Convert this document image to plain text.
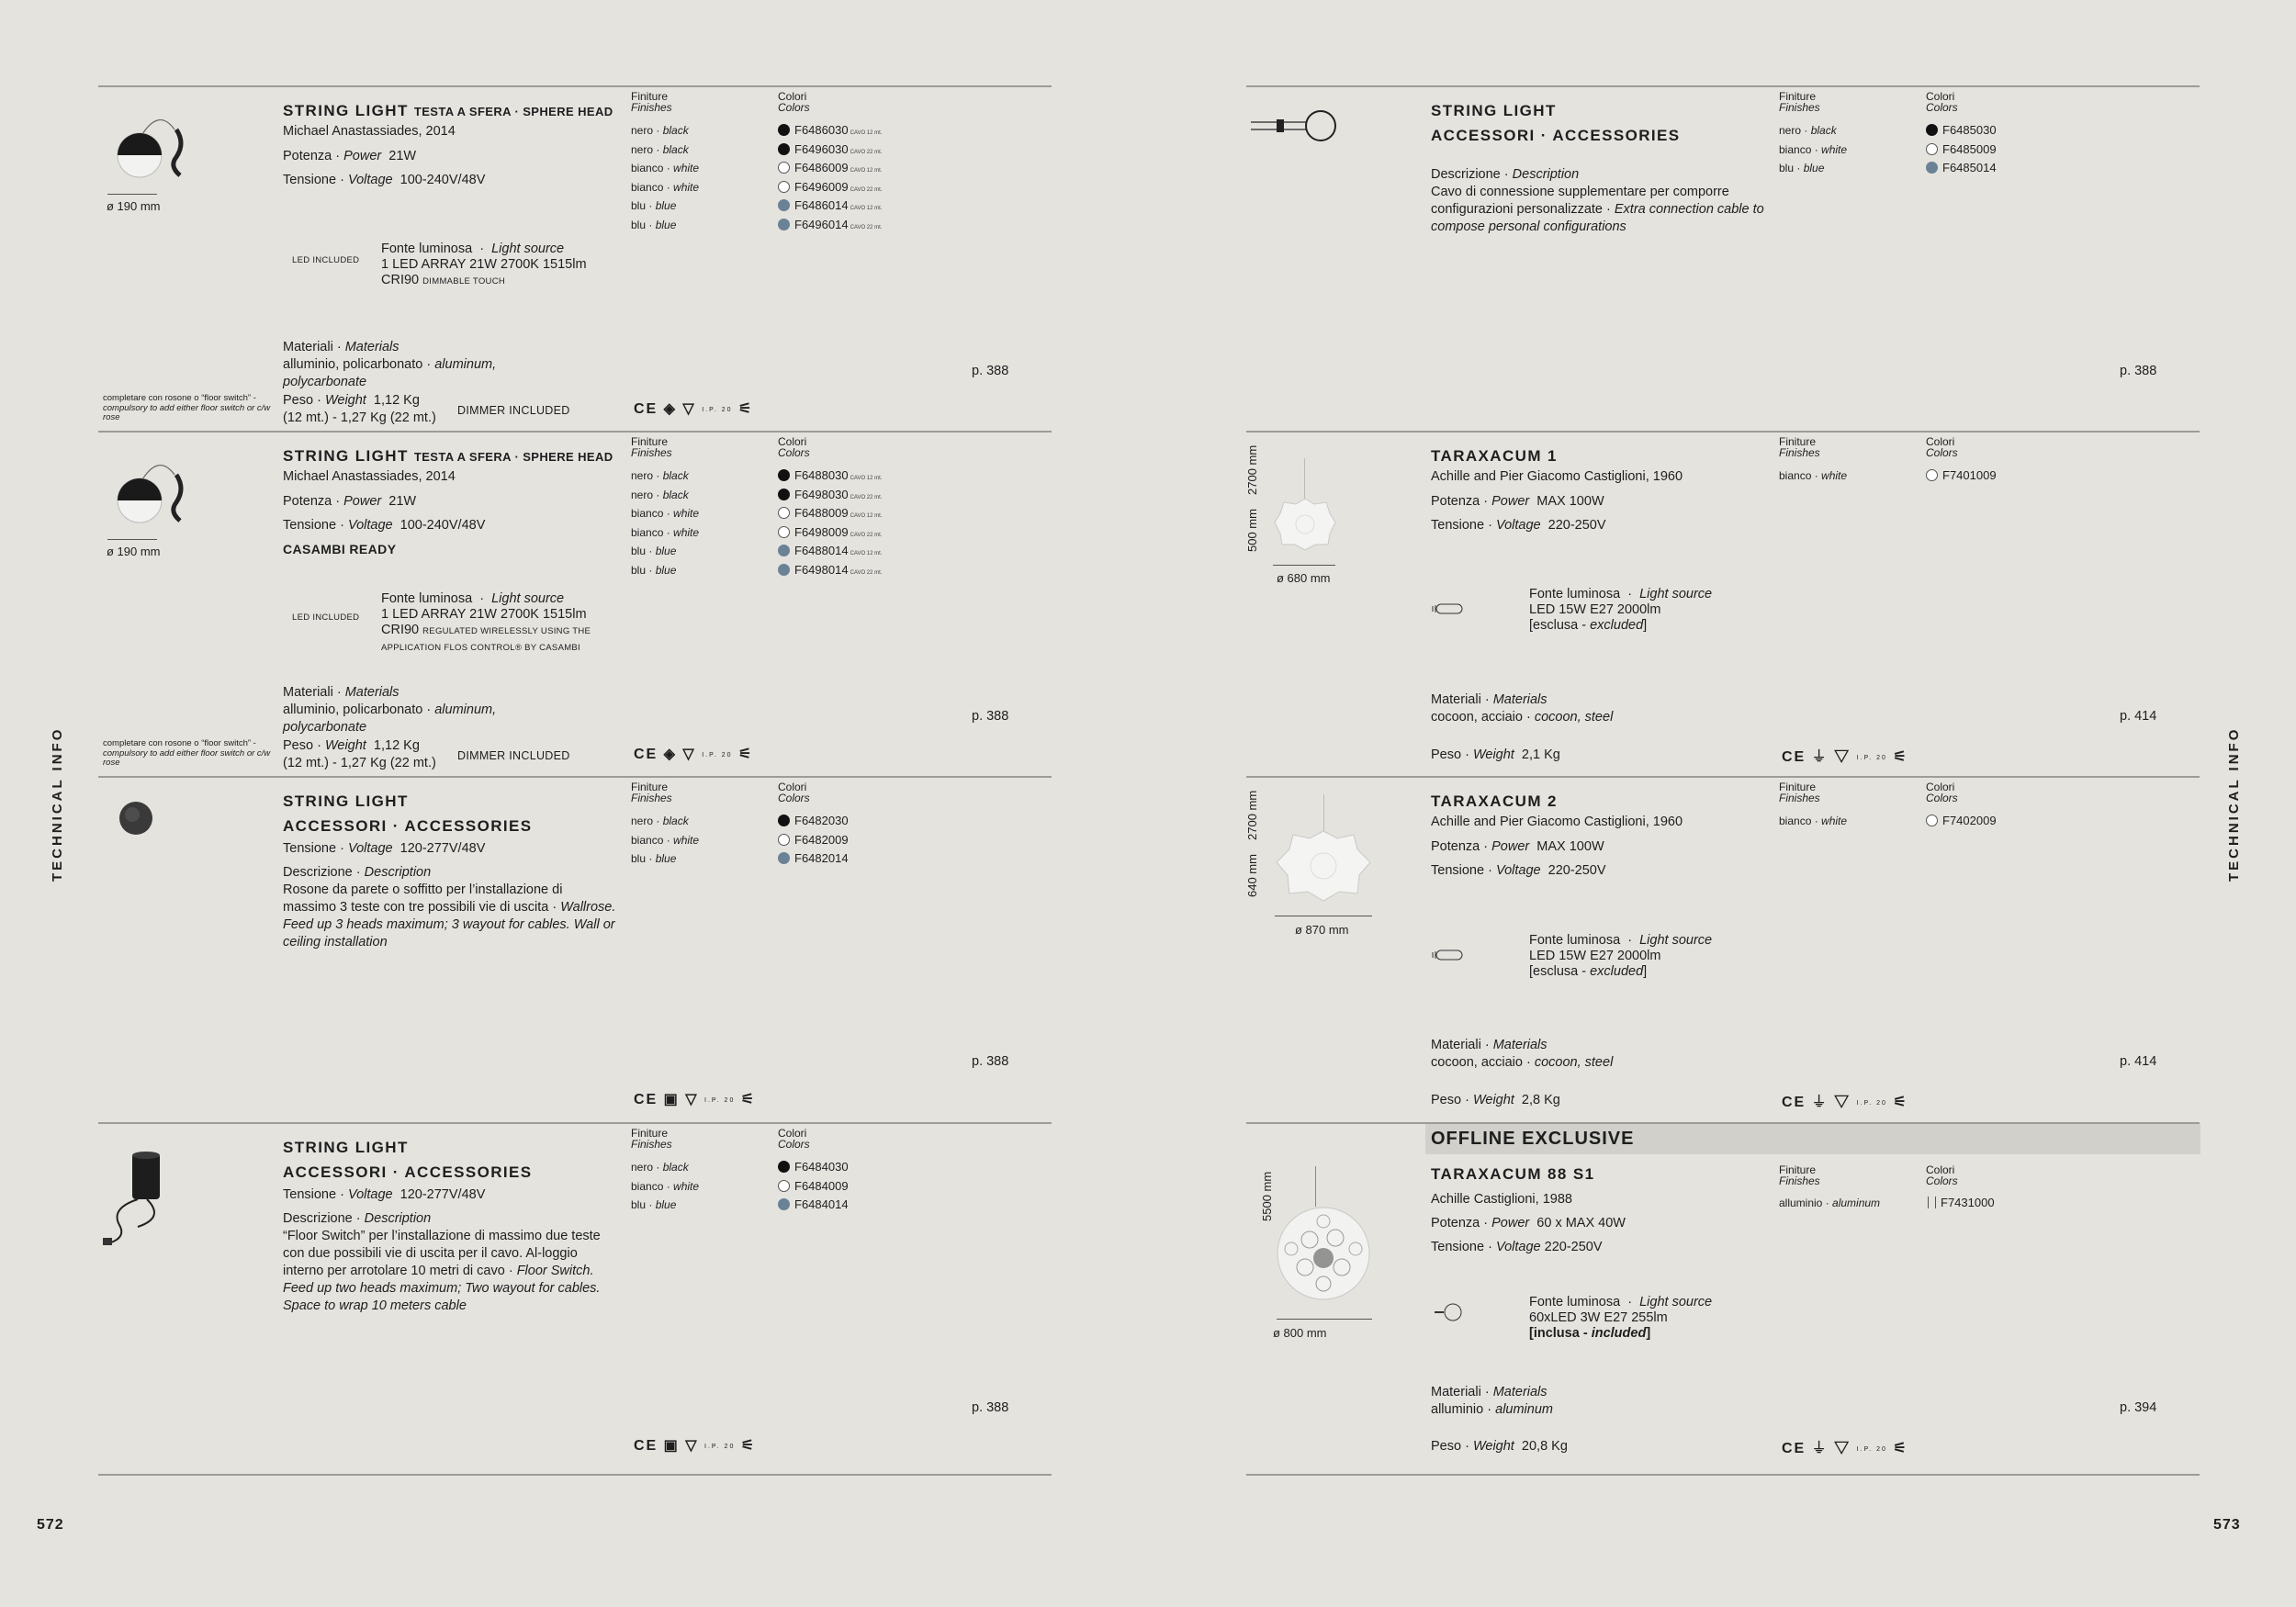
TECHNICAL INFO	TECHNICAL INFO
572	573
ø 190 mm
completare con rosone o “floor switch” - compulsory to add either floor switch or c/w rose
STRING LIGHT TESTA A SFERA · SPHERE HEAD
Michael Anastassiades, 2014
Potenza · Power 21W
Tensione · Voltage 100-240V/48V
Materiali · Materials
alluminio, policarbonato · aluminum,
polycarbonate
Peso · Weight 1,12 Kg
(12 mt.) - 1,27 Kg (22 mt.)
LED INCLUDED
Fonte luminosa · Light source
1 LED ARRAY 21W 2700K 1515lm
CRI90 DIMMABLE TOUCH
DIMMER INCLUDED
Finiture
Finishes
Colori
Colors
nero · black	F6486030 CAVO 12 mt.
nero · black	F6496030 CAVO 22 mt.
bianco · white	F6486009 CAVO 12 mt.
bianco · white	F6496009 CAVO 22 mt.
blu · blue	F6486014 CAVO 12 mt.
blu · blue	F6496014 CAVO 22 mt.
CE ◈ ▽ I.P. 20 ⚟
p. 388
ø 190 mm
completare con rosone o “floor switch” - compulsory to add either floor switch or c/w rose
STRING LIGHT TESTA A SFERA · SPHERE HEAD
Michael Anastassiades, 2014
Potenza · Power 21W
Tensione · Voltage 100-240V/48V
CASAMBI READY
Materiali · Materials
alluminio, policarbonato · aluminum,
polycarbonate
Peso · Weight 1,12 Kg
(12 mt.) - 1,27 Kg (22 mt.)
LED INCLUDED
Fonte luminosa · Light source
1 LED ARRAY 21W 2700K 1515lm
CRI90 REGULATED WIRELESSLY USING THE
APPLICATION FLOS CONTROL® BY CASAMBI
DIMMER INCLUDED
Finiture
Finishes
Colori
Colors
nero · black	F6488030 CAVO 12 mt.
nero · black	F6498030 CAVO 22 mt.
bianco · white	F6488009 CAVO 12 mt.
bianco · white	F6498009 CAVO 22 mt.
blu · blue	F6488014 CAVO 12 mt.
blu · blue	F6498014 CAVO 22 mt.
CE ◈ ▽ I.P. 20 ⚟
p. 388
STRING LIGHT
ACCESSORI · ACCESSORIES
Tensione · Voltage 120-277V/48V
Descrizione · Description
Rosone da parete o soffitto per l’installazione di massimo 3 teste con tre possibili vie di uscita · Wallrose. Feed up 3 heads maximum; 3 wayout for cables. Wall or ceiling installation
Finiture
Finishes
Colori
Colors
nero · black	F6482030
bianco · white	F6482009
blu · blue	F6482014
CE ▣ ▽ I.P. 20 ⚟
p. 388
STRING LIGHT
ACCESSORI · ACCESSORIES
Tensione · Voltage 120-277V/48V
Descrizione · Description
“Floor Switch” per l’installazione di massimo due teste con due possibili vie di uscita per il cavo. Al-loggio interno per arrotolare 10 metri di cavo · Floor Switch. Feed up two heads maximum; Two wayout for cables. Space to wrap 10 meters cable
Finiture
Finishes
Colori
Colors
nero · black	F6484030
bianco · white	F6484009
blu · blue	F6484014
CE ▣ ▽ I.P. 20 ⚟
p. 388
STRING LIGHT
ACCESSORI · ACCESSORIES
Descrizione · Description
Cavo di connessione supplementare per comporre configurazioni personalizzate · Extra connection cable to compose personal configurations
Finiture
Finishes
Colori
Colors
nero · black	F6485030
bianco · white	F6485009
blu · blue	F6485014
p. 388
500 mm
2700 mm
ø 680 mm
TARAXACUM 1
Achille and Pier Giacomo Castiglioni, 1960
Potenza · Power MAX 100W
Tensione · Voltage 220-250V
Materiali · Materials
cocoon, acciaio · cocoon, steel
Peso · Weight 2,1 Kg
Fonte luminosa · Light source
LED 15W E27 2000lm
[esclusa - excluded]
Finiture
Finishes
Colori
Colors
bianco · white	F7401009
CE ⏚ ▽ I.P. 20 ⚟
p. 414
640 mm
2700 mm
ø 870 mm
TARAXACUM 2
Achille and Pier Giacomo Castiglioni, 1960
Potenza · Power MAX 100W
Tensione · Voltage 220-250V
Materiali · Materials
cocoon, acciaio · cocoon, steel
Peso · Weight 2,8 Kg
Fonte luminosa · Light source
LED 15W E27 2000lm
[esclusa - excluded]
Finiture
Finishes
Colori
Colors
bianco · white	F7402009
CE ⏚ ▽ I.P. 20 ⚟
p. 414
OFFLINE EXCLUSIVE
5500 mm
ø 800 mm
TARAXACUM 88 S1
Achille Castiglioni, 1988
Potenza · Power 60 x MAX 40W
Tensione · Voltage 220-250V
Materiali · Materials
alluminio · aluminum
Peso · Weight 20,8 Kg
Fonte luminosa · Light source
60xLED 3W E27 255lm
[inclusa - included]
Finiture
Finishes
Colori
Colors
alluminio · aluminum	F7431000
CE ⏚ ▽ I.P. 20 ⚟
p. 394
